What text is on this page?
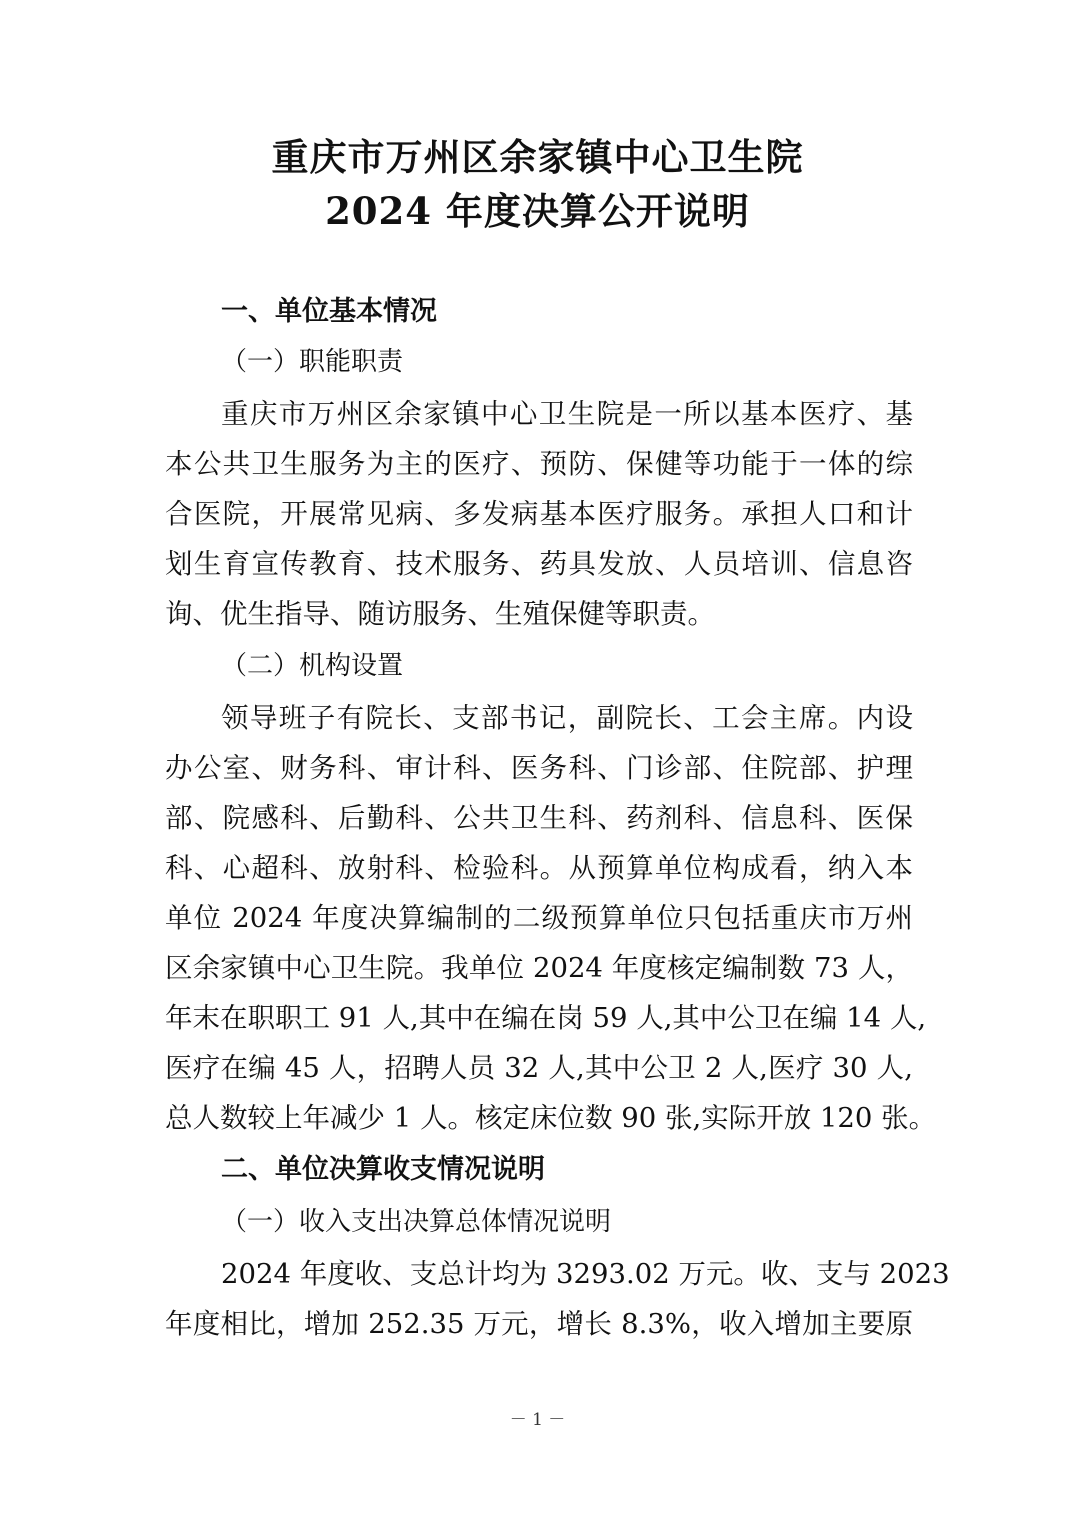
重庆市万州区余家镇中心卫生院
2024 年度决算公开说明
一、单位基本情况
（一）职能职责
重庆市万州区余家镇中心卫生院是一所以基本医疗、基
本公共卫生服务为主的医疗、预防、保健等功能于一体的综
合医院，开展常见病、多发病基本医疗服务。承担人口和计
划生育宣传教育、技术服务、药具发放、人员培训、信息咨
询、优生指导、随访服务、生殖保健等职责。
（二）机构设置
领导班子有院长、支部书记，副院长、工会主席。内设
办公室、财务科、审计科、医务科、门诊部、住院部、护理
部、院感科、后勤科、公共卫生科、药剂科、信息科、医保
科、心超科、放射科、检验科。从预算单位构成看，纳入本
单位 2024 年度决算编制的二级预算单位只包括重庆市万州
区余家镇中心卫生院。我单位 2024 年度核定编制数 73 人，
年末在职职工 91 人,其中在编在岗 59 人,其中公卫在编 14 人,
医疗在编 45 人，招聘人员 32 人,其中公卫 2 人,医疗 30 人,
总人数较上年减少 1 人。核定床位数 90 张,实际开放 120 张。
二、单位决算收支情况说明
（一）收入支出决算总体情况说明
2024 年度收、支总计均为 3293.02 万元。收、支与 2023
年度相比，增加 252.35 万元，增长 8.3%，收入增加主要原
－ 1 －
